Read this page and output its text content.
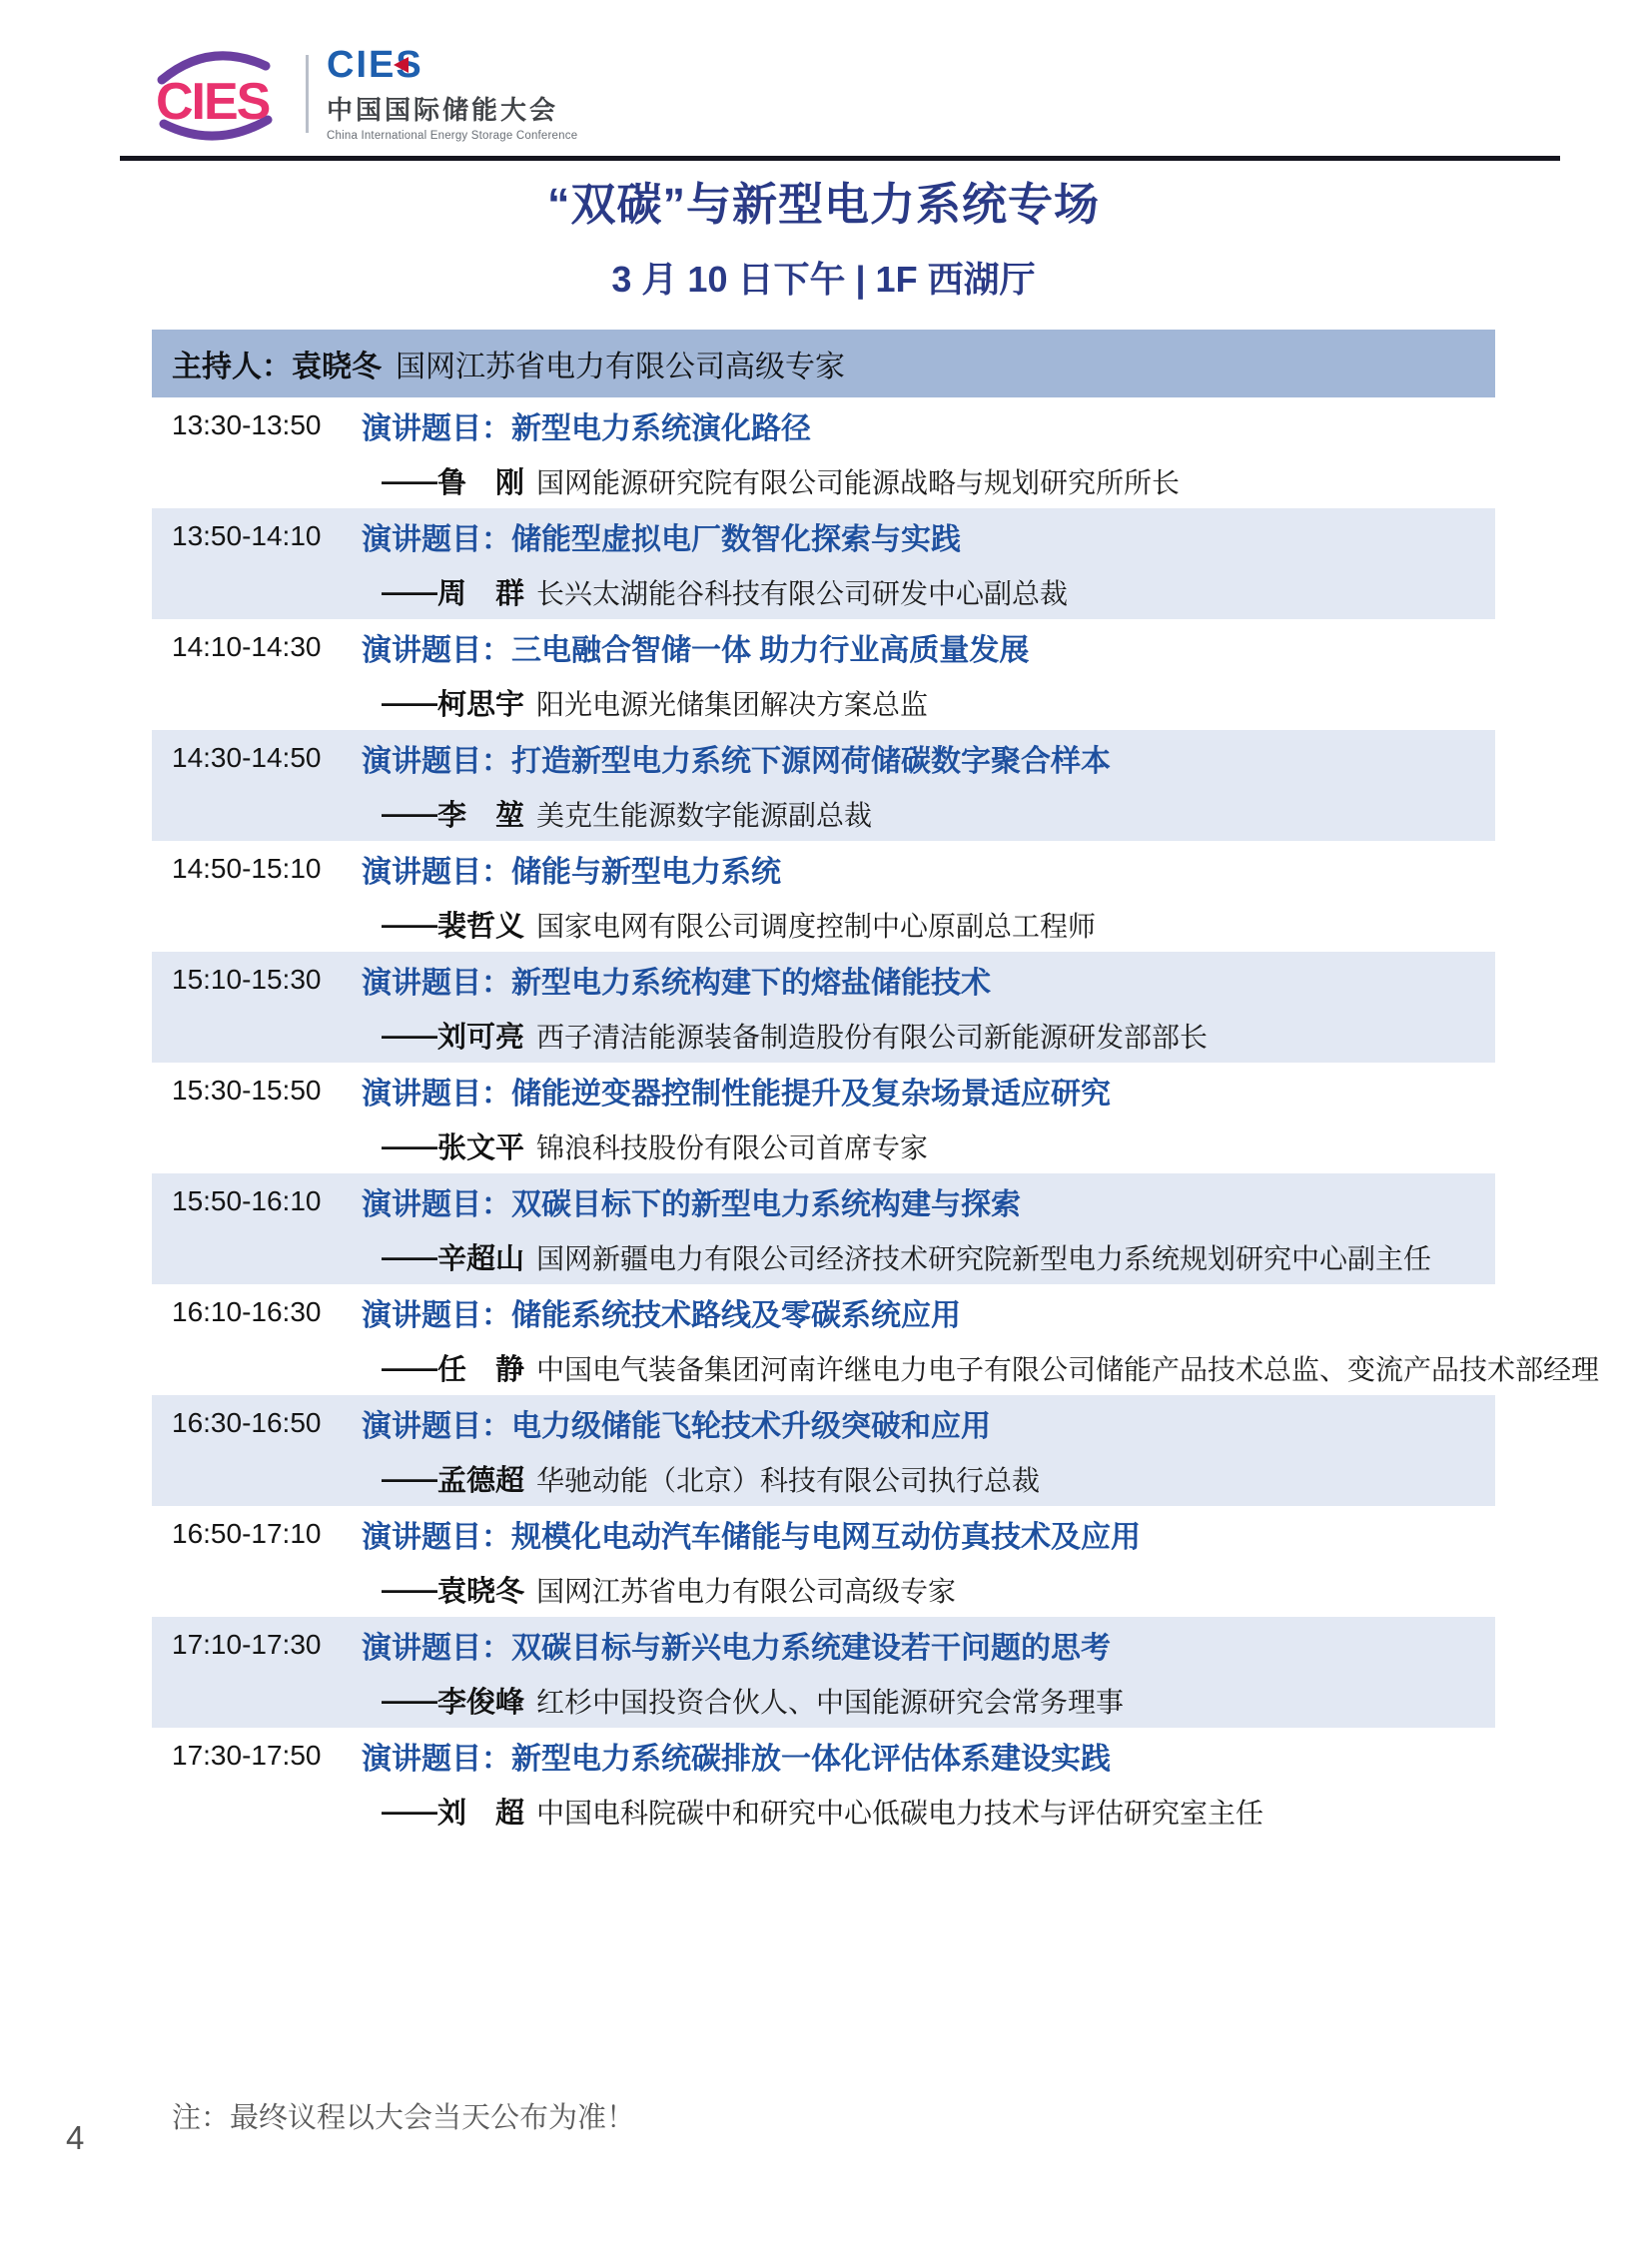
CIES
CIES
中国国际储能大会
China International Energy Storage Conference
“双碳”与新型电力系统专场
3 月 10 日下午 | 1F 西湖厅
主持人： 袁晓冬 国网江苏省电力有限公司高级专家
13:30-13:50	演讲题目：新型电力系统演化路径
—— 鲁　刚 国网能源研究院有限公司能源战略与规划研究所所长
13:50-14:10	演讲题目：储能型虚拟电厂数智化探索与实践
—— 周　群 长兴太湖能谷科技有限公司研发中心副总裁
14:10-14:30	演讲题目：三电融合智储一体 助力行业高质量发展
—— 柯思宇 阳光电源光储集团解决方案总监
14:30-14:50	演讲题目：打造新型电力系统下源网荷储碳数字聚合样本
—— 李　堃 美克生能源数字能源副总裁
14:50-15:10	演讲题目：储能与新型电力系统
—— 裴哲义 国家电网有限公司调度控制中心原副总工程师
15:10-15:30	演讲题目：新型电力系统构建下的熔盐储能技术
—— 刘可亮 西子清洁能源装备制造股份有限公司新能源研发部部长
15:30-15:50	演讲题目：储能逆变器控制性能提升及复杂场景适应研究
—— 张文平 锦浪科技股份有限公司首席专家
15:50-16:10	演讲题目：双碳目标下的新型电力系统构建与探索
—— 辛超山 国网新疆电力有限公司经济技术研究院新型电力系统规划研究中心副主任
16:10-16:30	演讲题目：储能系统技术路线及零碳系统应用
—— 任　静 中国电气装备集团河南许继电力电子有限公司储能产品技术总监、变流产品技术部经理
16:30-16:50	演讲题目：电力级储能飞轮技术升级突破和应用
—— 孟德超 华驰动能（北京）科技有限公司执行总裁
16:50-17:10	演讲题目：规模化电动汽车储能与电网互动仿真技术及应用
—— 袁晓冬 国网江苏省电力有限公司高级专家
17:10-17:30	演讲题目：双碳目标与新兴电力系统建设若干问题的思考
—— 李俊峰 红杉中国投资合伙人、中国能源研究会常务理事
17:30-17:50	演讲题目：新型电力系统碳排放一体化评估体系建设实践
—— 刘　超 中国电科院碳中和研究中心低碳电力技术与评估研究室主任
注：最终议程以大会当天公布为准！
4
